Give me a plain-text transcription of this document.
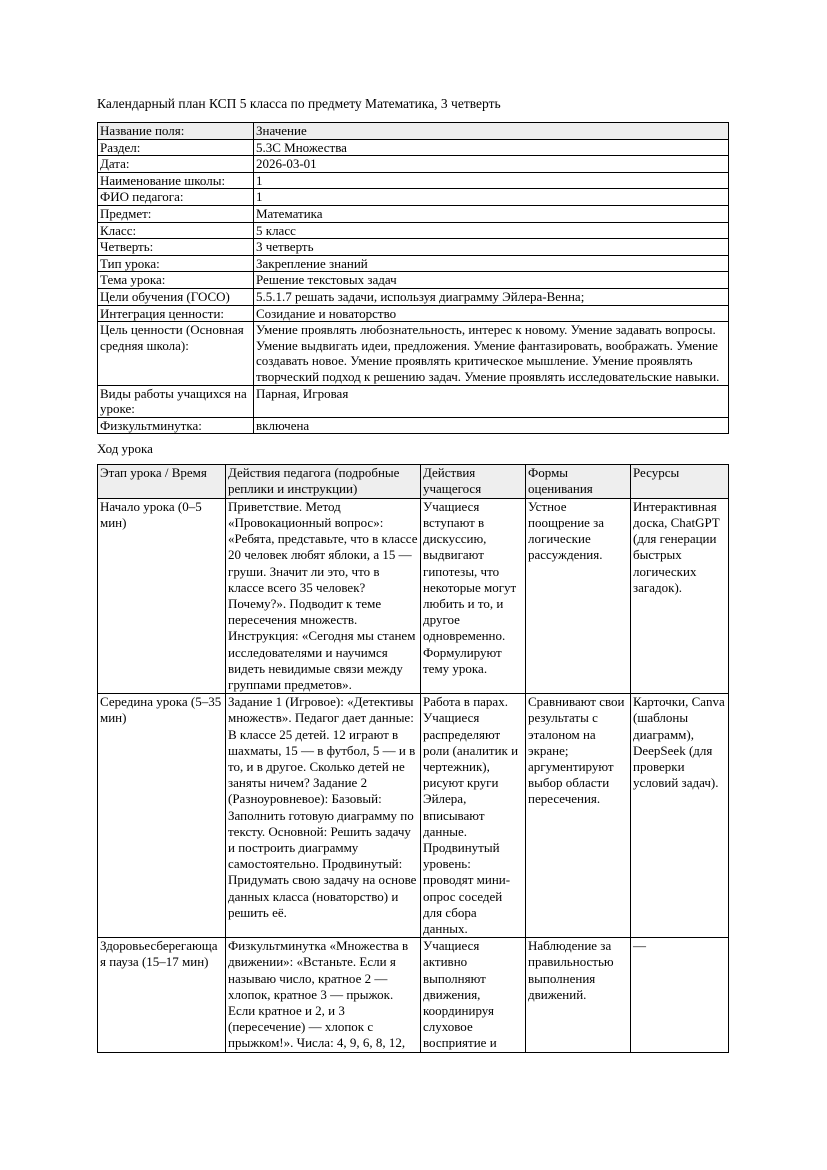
Календарный план КСП 5 класса по предмету Математика, 3 четверть

Название поля:	Значение
Раздел:	5.3C Множества
Дата:	2026-03-01
Наименование школы:	1
ФИО педагога:	1
Предмет:	Математика
Класс:	5 класс
Четверть:	3 четверть
Тип урока:	Закрепление знаний
Тема урока:	Решение текстовых задач
Цели обучения (ГОСО)	5.5.1.7 решать задачи, используя диаграмму Эйлера-Венна;
Интеграция ценности:	Созидание и новаторство
Цель ценности (Основная средняя школа):	Умение проявлять любознательность, интерес к новому. Умение задавать вопросы. Умение выдвигать идеи, предложения. Умение фантазировать, воображать. Умение создавать новое. Умение проявлять критическое мышление. Умение проявлять творческий подход к решению задач. Умение проявлять исследовательские навыки.
Виды работы учащихся на уроке:	Парная, Игровая
Физкультминутка:	включена

Ход урока

Этап урока / Время	Действия педагога (подробные реплики и инструкции)	Действия учащегося	Формы оценивания	Ресурсы
Начало урока (0–5 мин)	Приветствие. Метод «Провокационный вопрос»: «Ребята, представьте, что в классе 20 человек любят яблоки, а 15 — груши. Значит ли это, что в классе всего 35 человек? Почему?». Подводит к теме пересечения множеств. Инструкция: «Сегодня мы станем исследователями и научимся видеть невидимые связи между группами предметов».	Учащиеся вступают в дискуссию, выдвигают гипотезы, что некоторые могут любить и то, и другое одновременно. Формулируют тему урока.	Устное поощрение за логические рассуждения.	Интерактивная доска, ChatGPT (для генерации быстрых логических загадок).
Середина урока (5–35 мин)	Задание 1 (Игровое): «Детективы множеств». Педагог дает данные: В классе 25 детей. 12 играют в шахматы, 15 — в футбол, 5 — и в то, и в другое. Сколько детей не заняты ничем? Задание 2 (Разноуровневое): Базовый: Заполнить готовую диаграмму по тексту. Основной: Решить задачу и построить диаграмму самостоятельно. Продвинутый: Придумать свою задачу на основе данных класса (новаторство) и решить её.	Работа в парах. Учащиеся распределяют роли (аналитик и чертежник), рисуют круги Эйлера, вписывают данные. Продвинутый уровень: проводят мини-опрос соседей для сбора данных.	Сравнивают свои результаты с эталоном на экране; аргументируют выбор области пересечения.	Карточки, Canva (шаблоны диаграмм), DeepSeek (для проверки условий задач).
Здоровьесберегающая пауза (15–17 мин)	Физкультминутка «Множества в движении»: «Встаньте. Если я называю число, кратное 2 — хлопок, кратное 3 — прыжок. Если кратное и 2, и 3 (пересечение) — хлопок с прыжком!». Числа: 4, 9, 6, 8, 12,	Учащиеся активно выполняют движения, координируя слуховое восприятие и	Наблюдение за правильностью выполнения движений.	—
